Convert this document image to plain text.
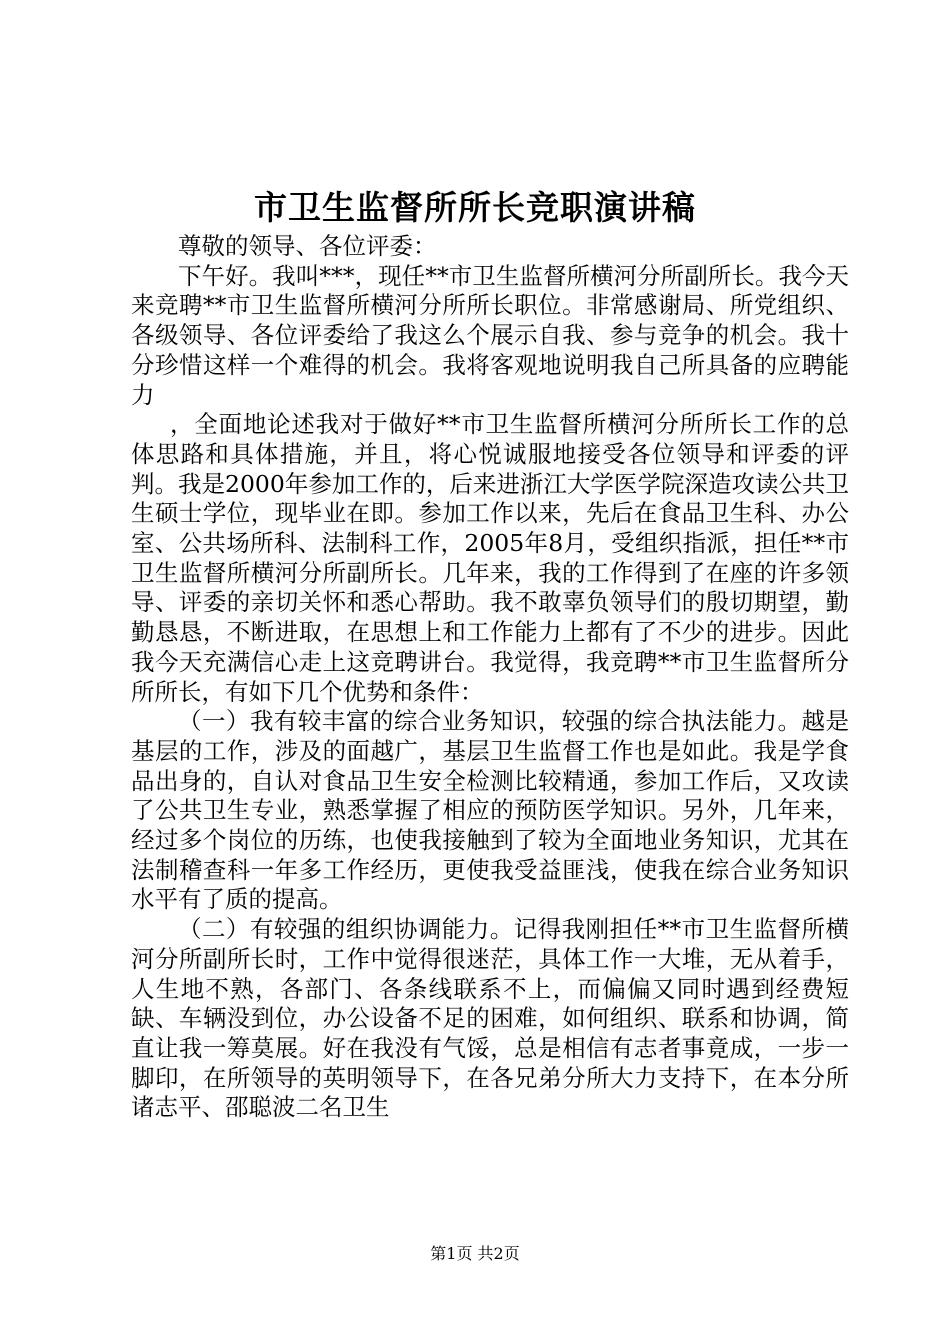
市卫生监督所所长竞职演讲稿

尊敬的领导、各位评委：

下午好。我叫***，现任**市卫生监督所横河分所副所长。我今天来竞聘**市卫生监督所横河分所所长职位。非常感谢局、所党组织、各级领导、各位评委给了我这么个展示自我、参与竞争的机会。我十分珍惜这样一个难得的机会。我将客观地说明我自己所具备的应聘能力

，全面地论述我对于做好**市卫生监督所横河分所所长工作的总体思路和具体措施，并且，将心悦诚服地接受各位领导和评委的评判。我是2000年参加工作的，后来进浙江大学医学院深造攻读公共卫生硕士学位，现毕业在即。参加工作以来，先后在食品卫生科、办公室、公共场所科、法制科工作，2005年8月，受组织指派，担任**市卫生监督所横河分所副所长。几年来，我的工作得到了在座的许多领导、评委的亲切关怀和悉心帮助。我不敢辜负领导们的殷切期望，勤勤恳恳，不断进取，在思想上和工作能力上都有了不少的进步。因此我今天充满信心走上这竞聘讲台。我觉得，我竞聘**市卫生监督所分所所长，有如下几个优势和条件：

（一）我有较丰富的综合业务知识，较强的综合执法能力。越是基层的工作，涉及的面越广，基层卫生监督工作也是如此。我是学食品出身的，自认对食品卫生安全检测比较精通，参加工作后，又攻读了公共卫生专业，熟悉掌握了相应的预防医学知识。另外，几年来，经过多个岗位的历练，也使我接触到了较为全面地业务知识，尤其在法制稽查科一年多工作经历，更使我受益匪浅，使我在综合业务知识水平有了质的提高。

（二）有较强的组织协调能力。记得我刚担任**市卫生监督所横河分所副所长时，工作中觉得很迷茫，具体工作一大堆，无从着手，人生地不熟，各部门、各条线联系不上，而偏偏又同时遇到经费短缺、车辆没到位，办公设备不足的困难，如何组织、联系和协调，简直让我一筹莫展。好在我没有气馁，总是相信有志者事竟成，一步一脚印，在所领导的英明领导下，在各兄弟分所大力支持下，在本分所诸志平、邵聪波二名卫生

第1页 共2页
